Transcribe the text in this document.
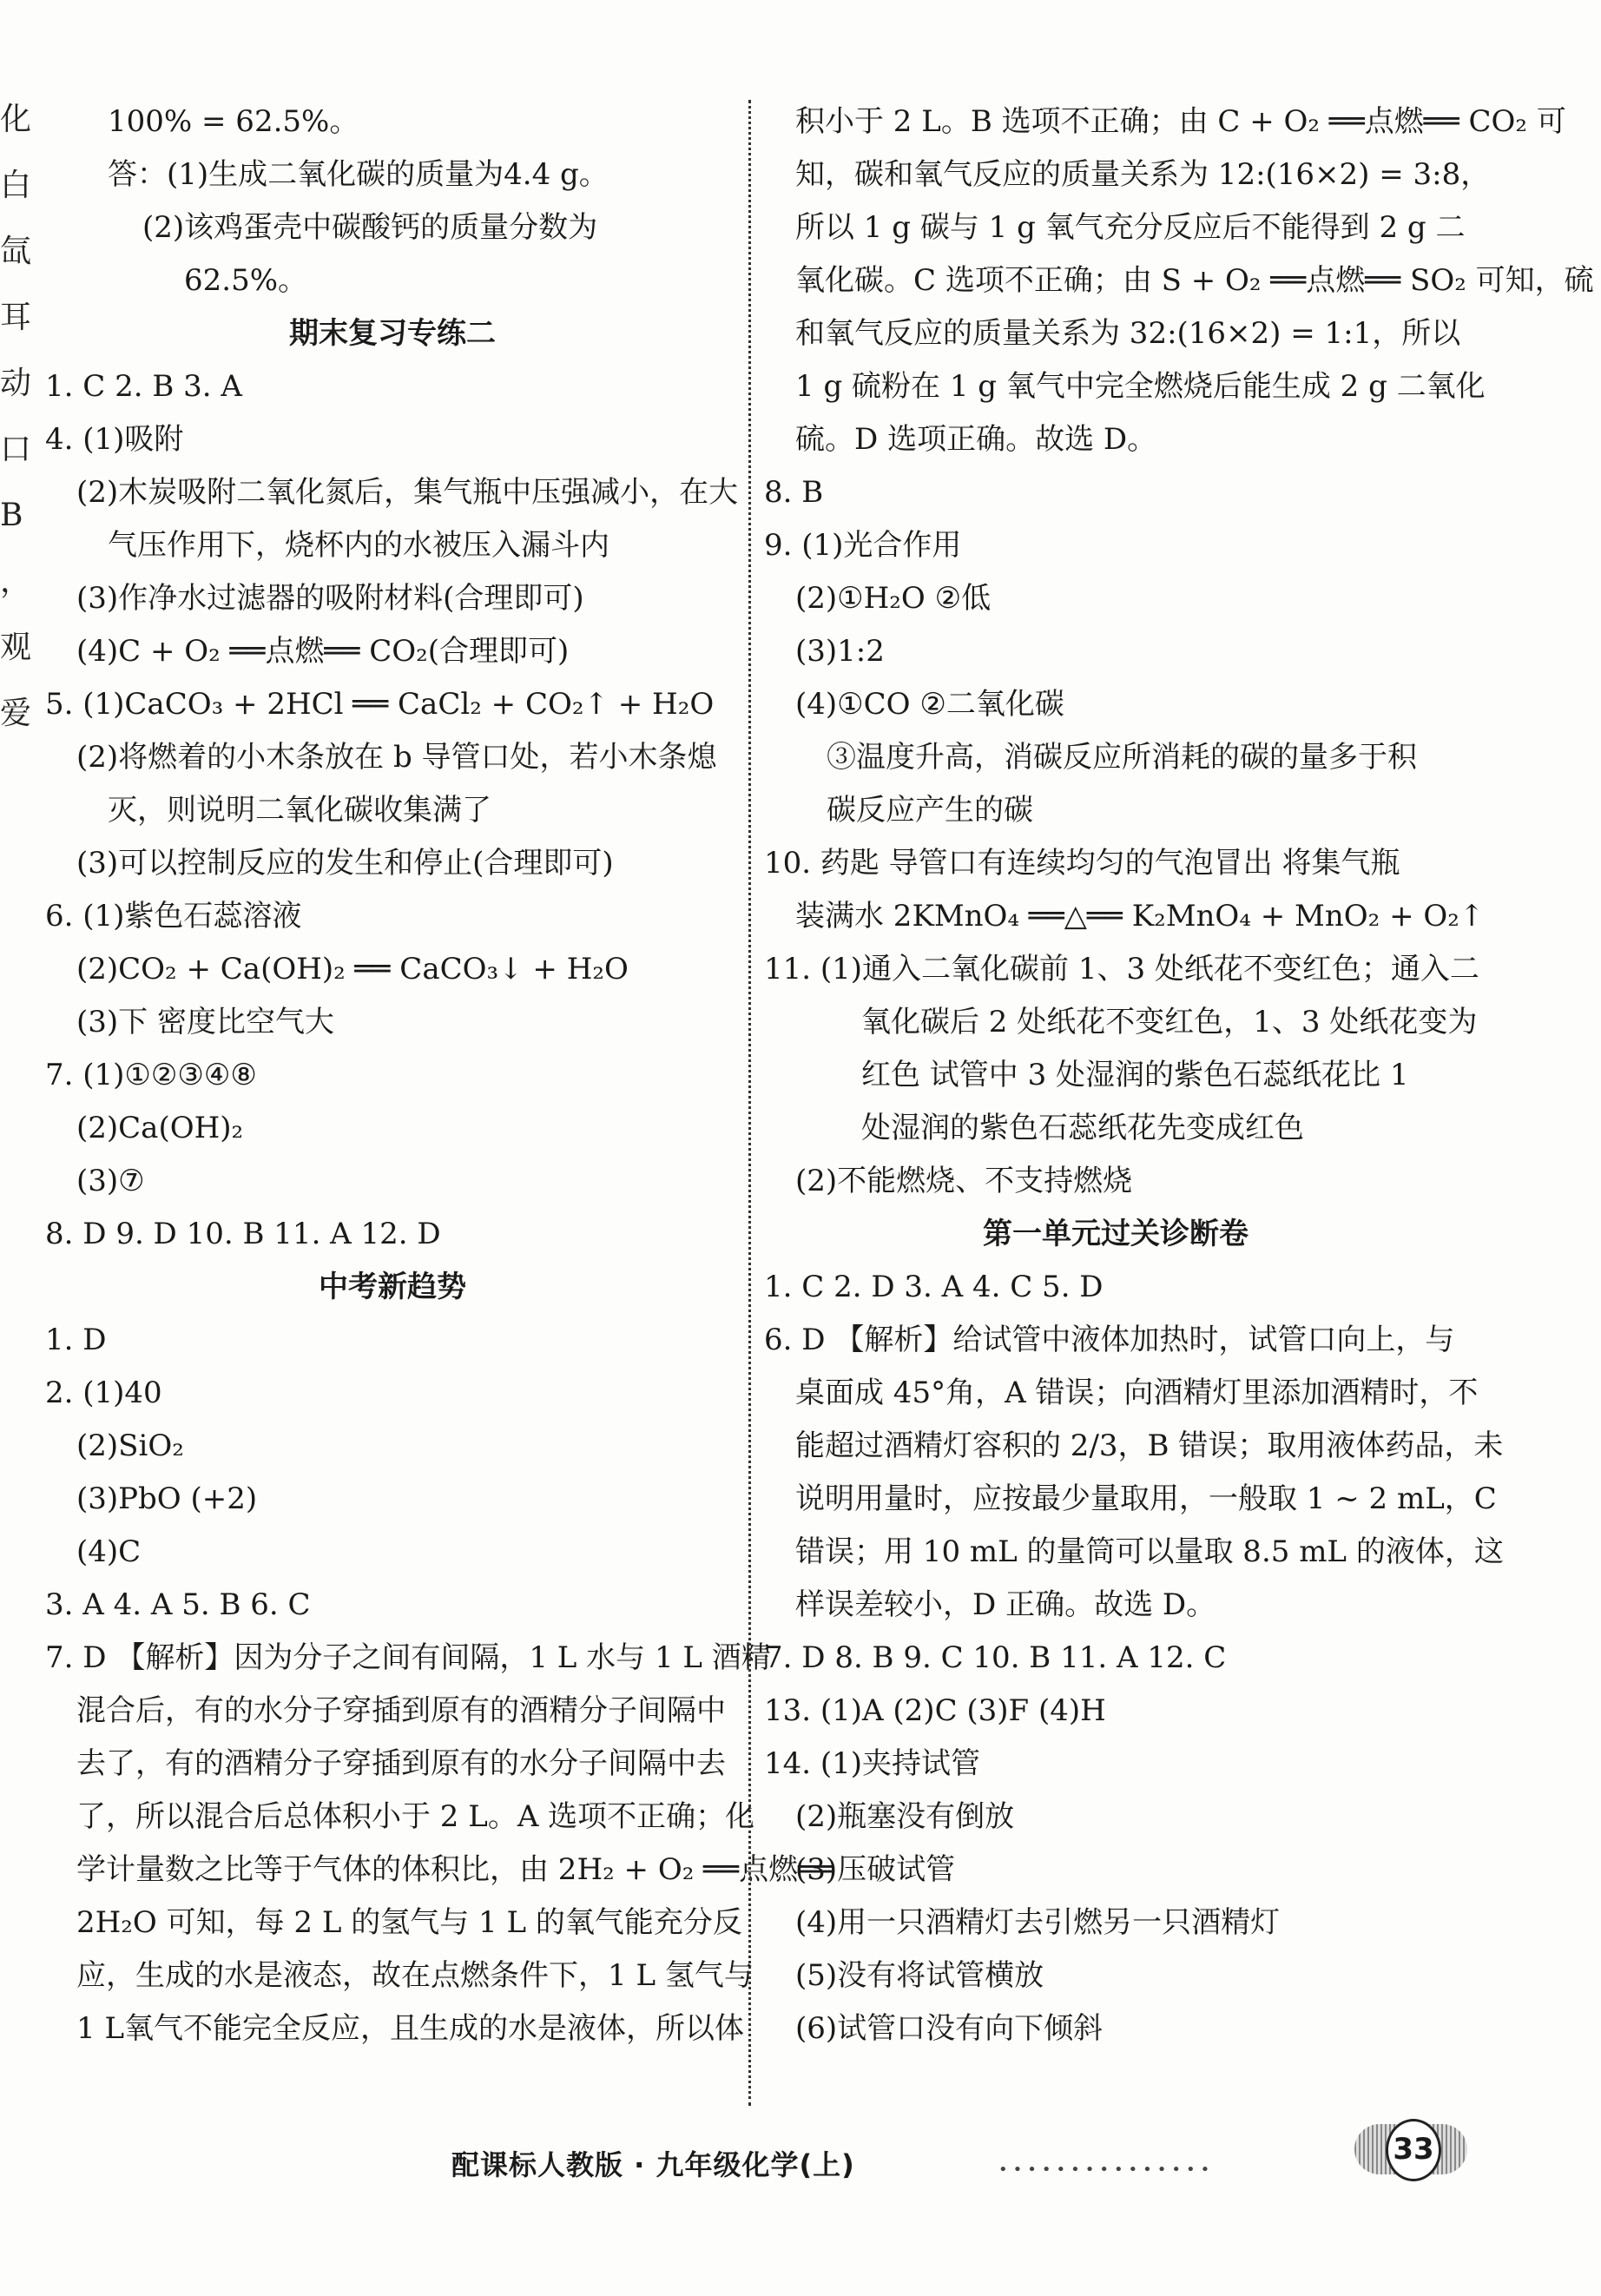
化
白
氙
耳
动
口
B
，
观
爱
100% = 62.5%。
答：(1)生成二氧化碳的质量为4.4 g。
(2)该鸡蛋壳中碳酸钙的质量分数为
62.5%。
期末复习专练二
1. C 2. B 3. A
4. (1)吸附
(2)木炭吸附二氧化氮后，集气瓶中压强减小，在大
气压作用下，烧杯内的水被压入漏斗内
(3)作净水过滤器的吸附材料(合理即可)
(4)C + O₂ ══点燃══ CO₂(合理即可)
5. (1)CaCO₃ + 2HCl ══ CaCl₂ + CO₂↑ + H₂O
(2)将燃着的小木条放在 b 导管口处，若小木条熄
灭，则说明二氧化碳收集满了
(3)可以控制反应的发生和停止(合理即可)
6. (1)紫色石蕊溶液
(2)CO₂ + Ca(OH)₂ ══ CaCO₃↓ + H₂O
(3)下 密度比空气大
7. (1)①②③④⑧
(2)Ca(OH)₂
(3)⑦
8. D 9. D 10. B 11. A 12. D
中考新趋势
1. D
2. (1)40
(2)SiO₂
(3)PbO (+2)
(4)C
3. A 4. A 5. B 6. C
7. D 【解析】因为分子之间有间隔，1 L 水与 1 L 酒精
混合后，有的水分子穿插到原有的酒精分子间隔中
去了，有的酒精分子穿插到原有的水分子间隔中去
了，所以混合后总体积小于 2 L。A 选项不正确；化
学计量数之比等于气体的体积比，由 2H₂ + O₂ ══点燃══
2H₂O 可知，每 2 L 的氢气与 1 L 的氧气能充分反
应，生成的水是液态，故在点燃条件下，1 L 氢气与
1 L氧气不能完全反应，且生成的水是液体，所以体
积小于 2 L。B 选项不正确；由 C + O₂ ══点燃══ CO₂ 可
知，碳和氧气反应的质量关系为 12:(16×2) = 3:8，
所以 1 g 碳与 1 g 氧气充分反应后不能得到 2 g 二
氧化碳。C 选项不正确；由 S + O₂ ══点燃══ SO₂ 可知，硫
和氧气反应的质量关系为 32:(16×2) = 1:1，所以
1 g 硫粉在 1 g 氧气中完全燃烧后能生成 2 g 二氧化
硫。D 选项正确。故选 D。
8. B
9. (1)光合作用
(2)①H₂O ②低
(3)1:2
(4)①CO ②二氧化碳
③温度升高，消碳反应所消耗的碳的量多于积
碳反应产生的碳
10. 药匙 导管口有连续均匀的气泡冒出 将集气瓶
装满水 2KMnO₄ ══△══ K₂MnO₄ + MnO₂ + O₂↑
11. (1)通入二氧化碳前 1、3 处纸花不变红色；通入二
氧化碳后 2 处纸花不变红色，1、3 处纸花变为
红色 试管中 3 处湿润的紫色石蕊纸花比 1
处湿润的紫色石蕊纸花先变成红色
(2)不能燃烧、不支持燃烧
第一单元过关诊断卷
1. C 2. D 3. A 4. C 5. D
6. D 【解析】给试管中液体加热时，试管口向上，与
桌面成 45°角，A 错误；向酒精灯里添加酒精时，不
能超过酒精灯容积的 2/3，B 错误；取用液体药品，未
说明用量时，应按最少量取用，一般取 1 ~ 2 mL，C
错误；用 10 mL 的量筒可以量取 8.5 mL 的液体，这
样误差较小，D 正确。故选 D。
7. D 8. B 9. C 10. B 11. A 12. C
13. (1)A (2)C (3)F (4)H
14. (1)夹持试管
(2)瓶塞没有倒放
(3)压破试管
(4)用一只酒精灯去引燃另一只酒精灯
(5)没有将试管横放
(6)试管口没有向下倾斜
配课标人教版 · 九年级化学(上)	•••••••••••••••
33
